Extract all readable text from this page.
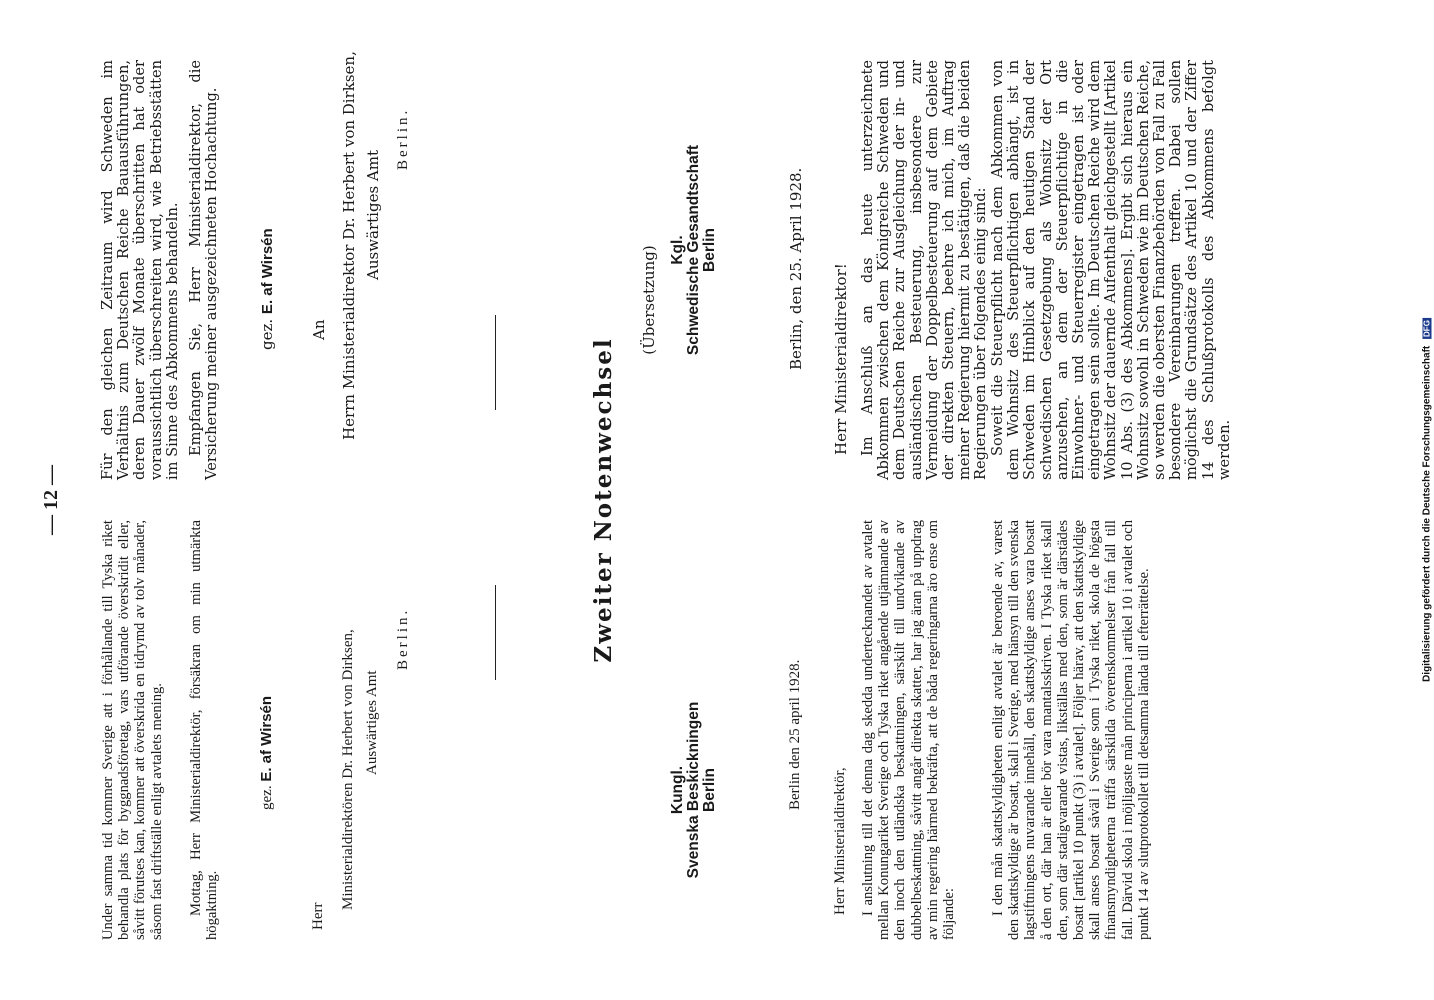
— 12 —
Under samma tid kommer Sverige att i förhållande till Tyska riket behandla plats för byggnadsföretag, vars utförande överskridit eller, såvitt förutses kan, kommer att överskrida en tidrymd av tolv månader, såsom fast driftställe enligt avtalets mening. Mottag, Herr Ministerialdirektör, försäkran om min utmärkta högaktning.
gez. E. af Wirsén
Herr
Ministerialdirektören Dr. Herbert von Dirksen, Auswärtiges Amt
Berlin.
Für den gleichen Zeitraum wird Schweden im Verhältnis zum Deutschen Reiche Bauausführungen, deren Dauer zwölf Monate überschritten hat oder voraussichtlich überschreiten wird, wie Betriebsstätten im Sinne des Abkommens behandeln. Empfangen Sie, Herr Ministerialdirektor, die Versicherung meiner ausgezeichneten Hochachtung.	gez. E. af Wirsén
An Herrn Ministerialdirektor Dr. Herbert von Dirksen, Auswärtiges Amt
Berlin.
Zweiter Notenwechsel
(Übersetzung)
Kungl. Svenska Beskickningen Berlin
Kgl. Schwedische Gesandtschaft Berlin
Berlin den 25 april 1928.
Berlin, den 25. April 1928.
Herr Ministerialdirektör,
Herr Ministerialdirektor!
I anslutning till det denna dag skedda undertecknandet av avtalet mellan Konungariket Sverige och Tyska riket angående utjämnande av den inoch den utländska beskattningen, särskilt till undvikande av dubbelbeskattning, såvitt angår direkta skatter, har jag äran på uppdrag av min regering härmed bekräfta, att de båda regeringarna äro ense om följande: I den mån skattskyldigheten enligt avtalet är beroende av, varest den skattskyldige är bosatt, skall i Sverige, med hänsyn till den svenska lagstiftningens nuvarande innehåll, den skattskyldige anses vara bosatt å den ort, där han är eller bör vara mantalsskriven. I Tyska riket skall den, som där stadigvarande vistas, likställas med den, som är därstädes bosatt [artikel 10 punkt (3) i avtalet]. Följer härav, att den skattskyldige skall anses bosatt såväl i Sverige som i Tyska riket, skola de högsta finansmyndigheterna träffa särskilda överenskommelser från fall till fall. Därvid skola i möjligaste mån principerna i artikel 10 i avtalet och punkt 14 av slutprotokollet till detsamma lända till efterrättelse.
Im Anschluß an das heute unterzeichnete Abkommen zwischen dem Königreiche Schweden und dem Deutschen Reiche zur Ausgleichung der in- und ausländischen Besteuerung, insbesondere zur Vermeidung der Doppelbesteuerung auf dem Gebiete der direkten Steuern, beehre ich mich, im Auftrag meiner Regierung hiermit zu bestätigen, daß die beiden Regierungen über folgendes einig sind: Soweit die Steuerpflicht nach dem Abkommen von dem Wohnsitz des Steuerpflichtigen abhängt, ist in Schweden im Hinblick auf den heutigen Stand der schwedischen Gesetzgebung als Wohnsitz der Ort anzusehen, an dem der Steuerpflichtige in die Einwohner- und Steuerregister eingetragen ist oder eingetragen sein sollte. Im Deutschen Reiche wird dem Wohnsitz der dauernde Aufenthalt gleichgestellt [Artikel 10 Abs. (3) des Abkommens]. Ergibt sich hieraus ein Wohnsitz sowohl in Schweden wie im Deutschen Reiche, so werden die obersten Finanzbehörden von Fall zu Fall besondere Vereinbarungen treffen. Dabei sollen möglichst die Grundsätze des Artikel 10 und der Ziffer 14 des Schlußprotokolls des Abkommens befolgt werden.	Digitalisierung gefördert durch die Deutsche Forschungsgemeinschaft DFG
